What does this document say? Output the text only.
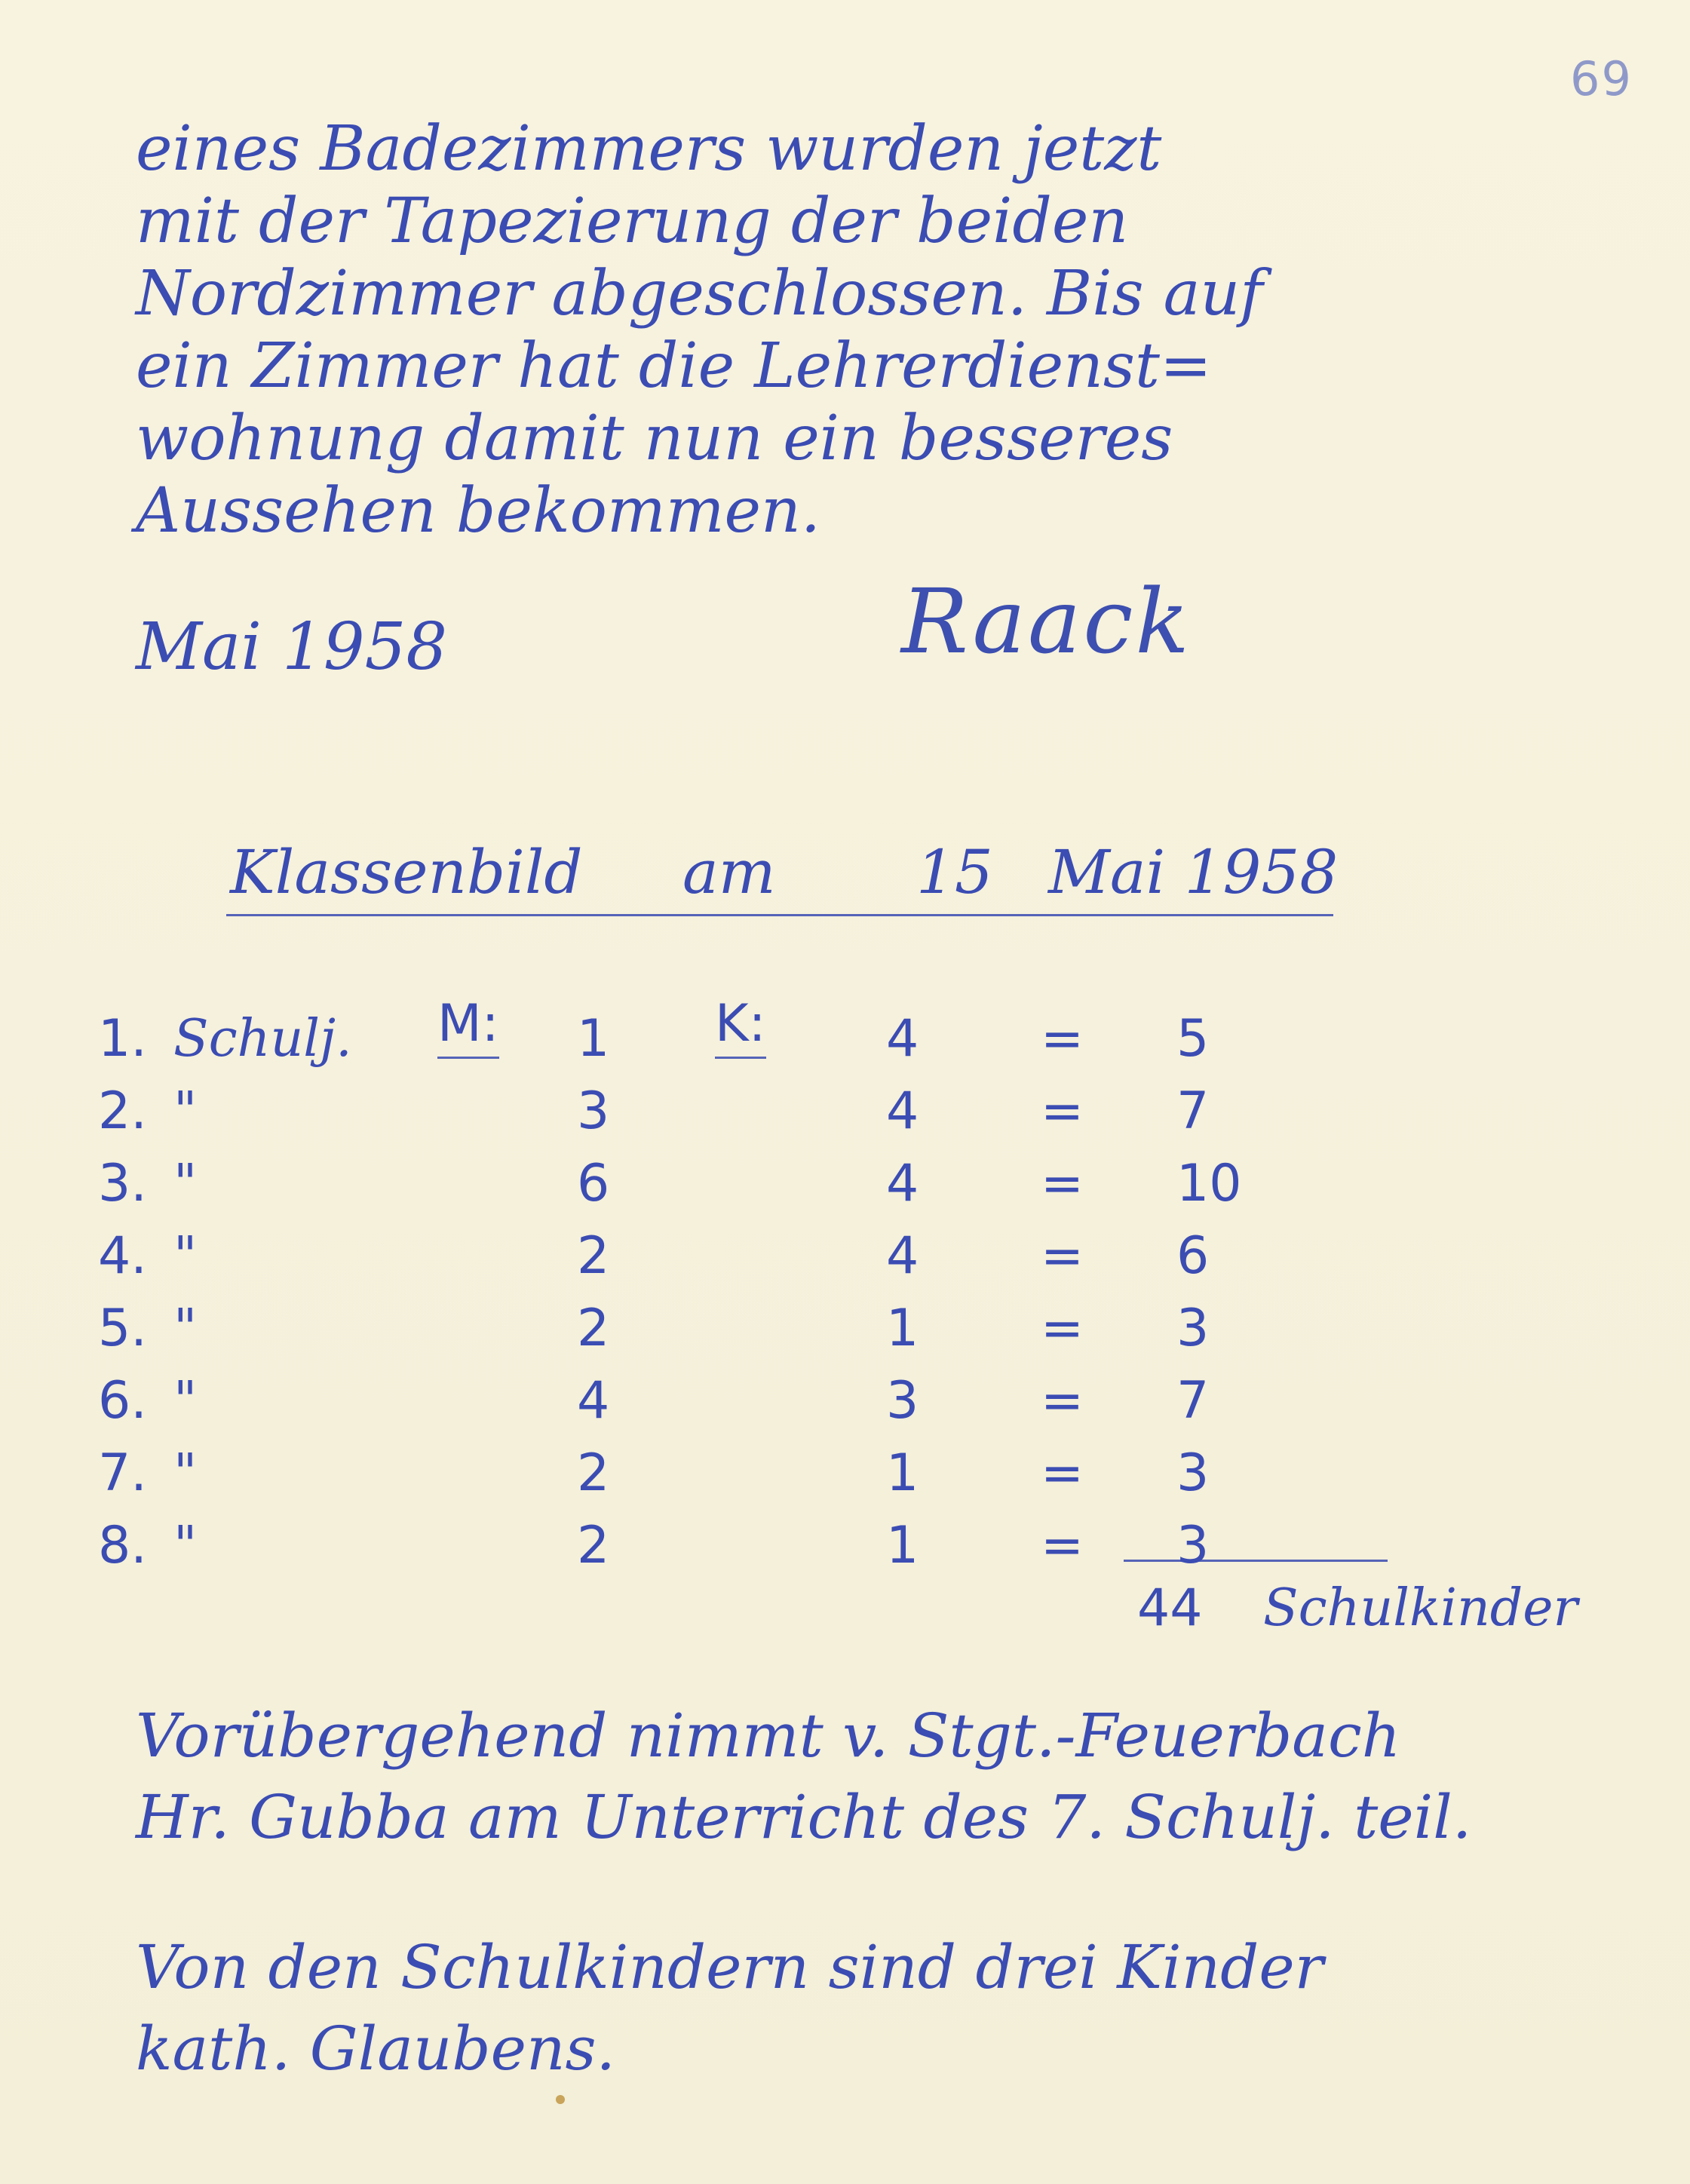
69
eines Badezimmers wurden jetzt
mit der Tapezierung der beiden
Nordzimmer abgeschlossen. Bis auf
ein Zimmer hat die Lehrerdienst=
wohnung damit nun ein besseres
Aussehen bekommen.
Mai 1958	Raack
Klassenbild am 15 Mai 1958
M:	K:
44 Schulkinder
1. Schulj.	1	4 = 5
2. "	3	4 = 7
3. "	6	4 = 10
4. "	2	4 = 6
5. "	2	1 = 3
6. "	4	3 = 7
7. "	2	1 = 3
8. "	2	1 = 3
Vorübergehend nimmt v. Stgt.-Feuerbach
Hr. Gubba am Unterricht des 7. Schulj. teil.
Von den Schulkindern sind drei Kinder
kath. Glaubens.
